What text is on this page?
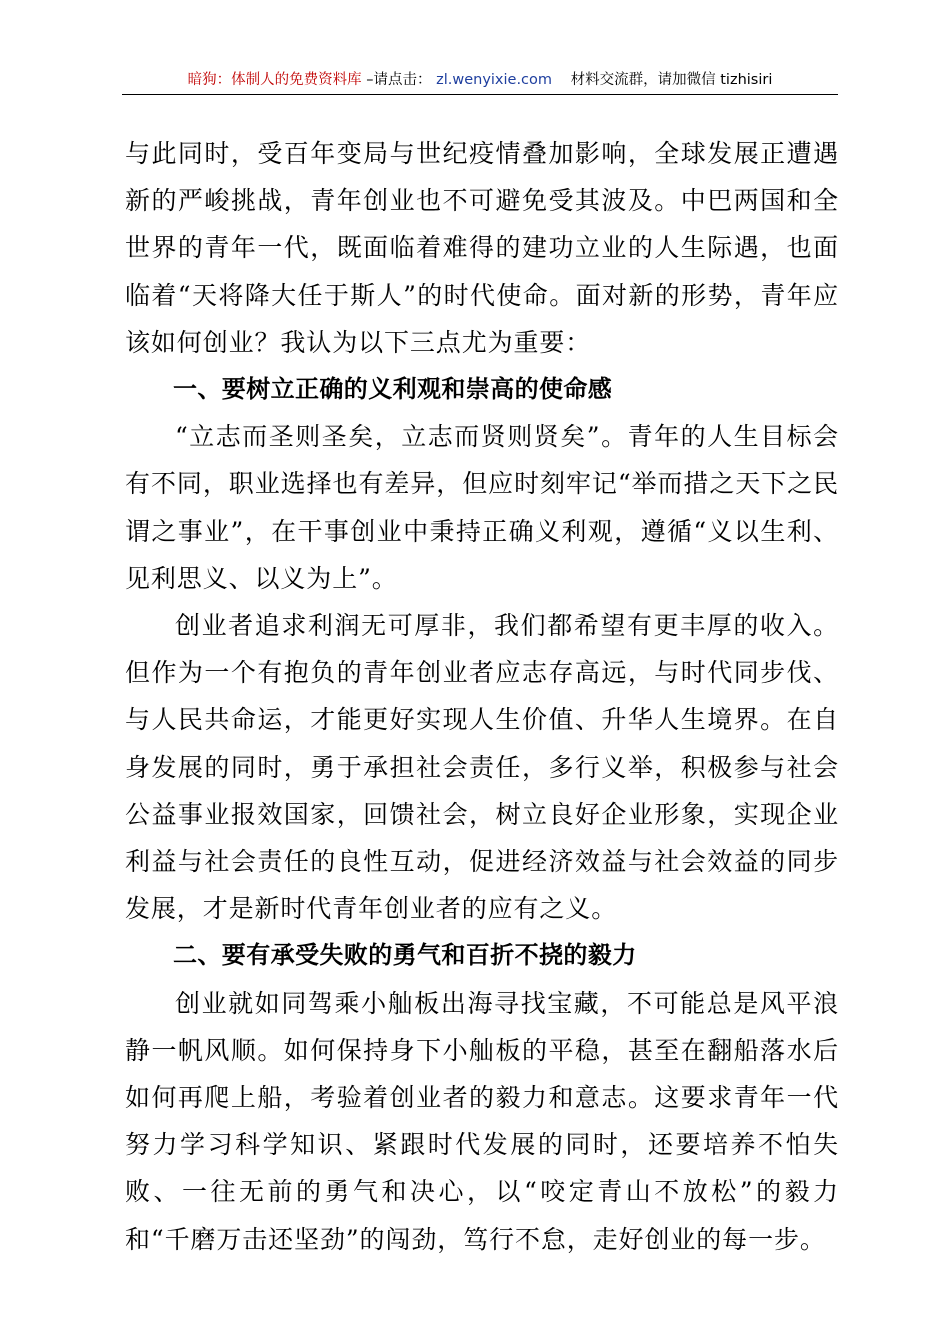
暗狗：体制人的免费资料库 –请点击： zl.wenyixie.com 材料交流群，请加微信 tizhisiri

与此同时，受百年变局与世纪疫情叠加影响，全球发展正遭遇新的严峻挑战，青年创业也不可避免受其波及。中巴两国和全世界的青年一代，既面临着难得的建功立业的人生际遇，也面临着“天将降大任于斯人”的时代使命。面对新的形势，青年应该如何创业？我认为以下三点尤为重要：

一、要树立正确的义利观和崇高的使命感

“立志而圣则圣矣，立志而贤则贤矣”。青年的人生目标会有不同，职业选择也有差异，但应时刻牢记“举而措之天下之民谓之事业”，在干事创业中秉持正确义利观，遵循“义以生利、见利思义、以义为上”。

创业者追求利润无可厚非，我们都希望有更丰厚的收入。但作为一个有抱负的青年创业者应志存高远，与时代同步伐、与人民共命运，才能更好实现人生价值、升华人生境界。在自身发展的同时，勇于承担社会责任，多行义举，积极参与社会公益事业报效国家，回馈社会，树立良好企业形象，实现企业利益与社会责任的良性互动，促进经济效益与社会效益的同步发展，才是新时代青年创业者的应有之义。

二、要有承受失败的勇气和百折不挠的毅力

创业就如同驾乘小舢板出海寻找宝藏，不可能总是风平浪静一帆风顺。如何保持身下小舢板的平稳，甚至在翻船落水后如何再爬上船，考验着创业者的毅力和意志。这要求青年一代努力学习科学知识、紧跟时代发展的同时，还要培养不怕失败、一往无前的勇气和决心，以“咬定青山不放松”的毅力和“千磨万击还坚劲”的闯劲，笃行不怠，走好创业的每一步。
